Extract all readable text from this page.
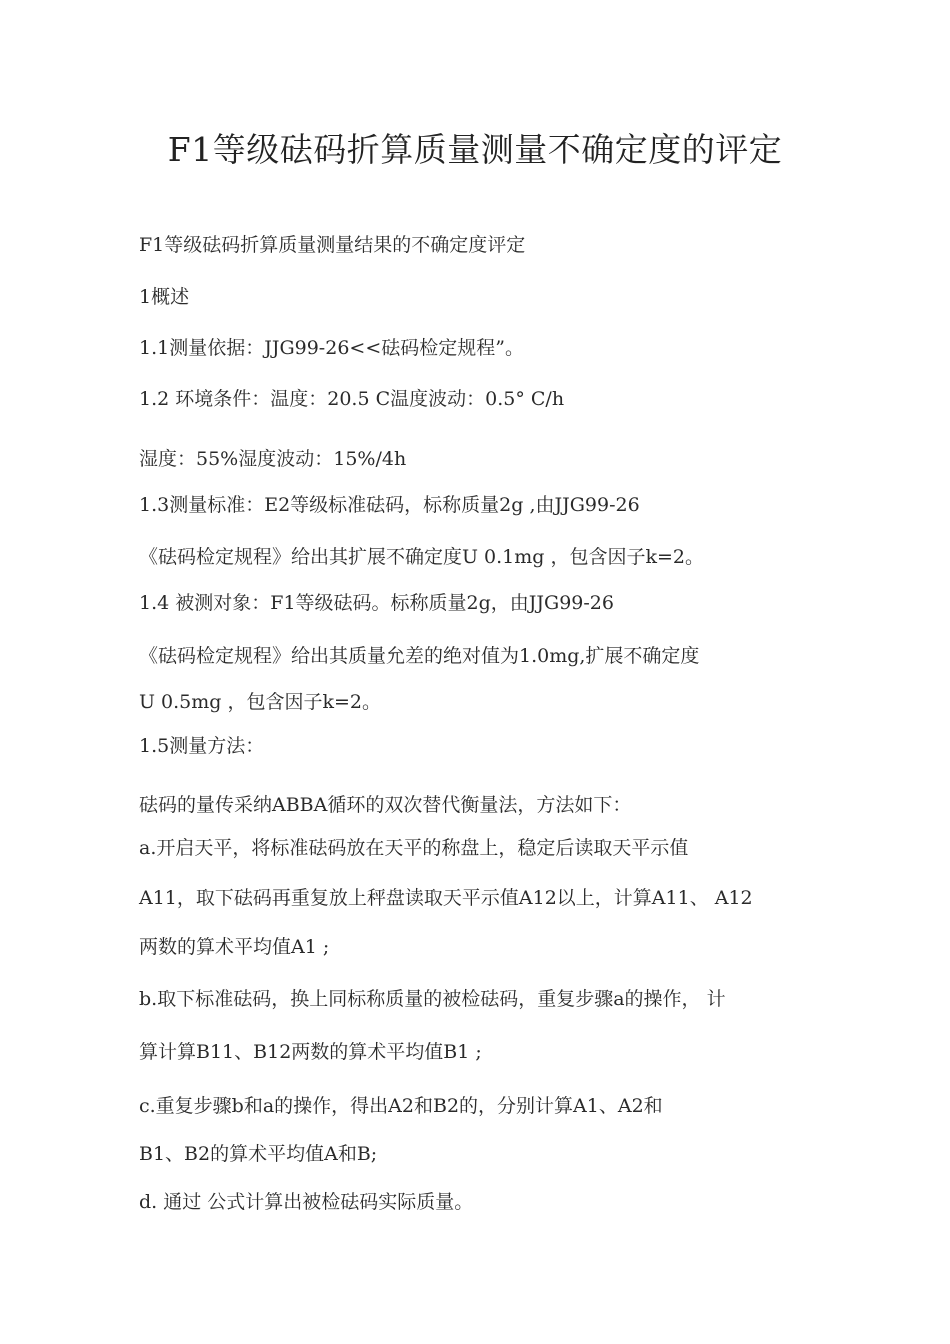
F1等级砝码折算质量测量不确定度的评定

F1等级砝码折算质量测量结果的不确定度评定

1概述

1.1测量依据：JJG99-26<<砝码检定规程”。

1.2 环境条件：温度：20.5 C温度波动：0.5° C/h

湿度：55%湿度波动：15%/4h

1.3测量标准：E2等级标准砝码，标称质量2g ,由JJG99-26

《砝码检定规程》给出其扩展不确定度U 0.1mg ，包含因子k=2。

1.4 被测对象：F1等级砝码。标称质量2g，由JJG99-26

《砝码检定规程》给出其质量允差的绝对值为1.0mg,扩展不确定度

U 0.5mg ，包含因子k=2。

1.5测量方法：

砝码的量传采纳ABBA循环的双次替代衡量法，方法如下：

a.开启天平，将标准砝码放在天平的称盘上，稳定后读取天平示值

A11，取下砝码再重复放上秤盘读取天平示值A12以上，计算A11、 A12

两数的算术平均值A1 ;

b.取下标准砝码，换上同标称质量的被检砝码，重复步骤a的操作， 计

算计算B11、B12两数的算术平均值B1 ;

c.重复步骤b和a的操作，得出A2和B2的，分别计算A1、A2和

B1、B2的算术平均值A和B;

d. 通过 公式计算出被检砝码实际质量。
